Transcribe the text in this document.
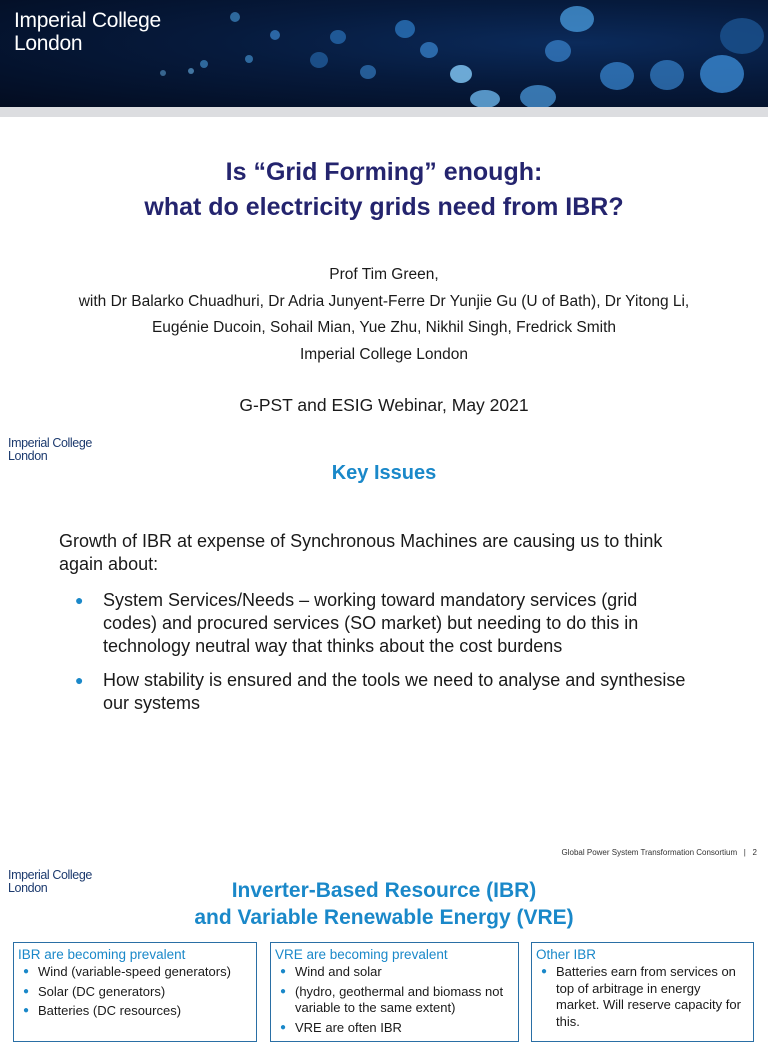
Imperial College
London
Is “Grid Forming” enough:
what do electricity grids need from IBR?
Prof Tim Green,
with Dr Balarko Chuadhuri, Dr Adria Junyent-Ferre Dr Yunjie Gu (U of Bath), Dr Yitong Li,
Eugénie Ducoin, Sohail Mian, Yue Zhu, Nikhil Singh, Fredrick Smith
Imperial College London
G-PST and ESIG Webinar, May 2021
Imperial College
London
Key Issues
Growth of IBR at expense of Synchronous Machines are causing us to think again about:
● System Services/Needs – working toward mandatory services (grid codes) and procured services (SO market) but needing to do this in technology neutral way that thinks about the cost burdens
● How stability is ensured and the tools we need to analyse and synthesise our systems
Global Power System Transformation Consortium   |   2
Imperial College
London	Inverter-Based Resource (IBR)
and Variable Renewable Energy (VRE)
IBR are becoming prevalent
● Wind (variable-speed generators)
● Solar (DC generators)
● Batteries (DC resources)
VRE are becoming prevalent
● Wind and solar
● (hydro, geothermal and biomass not variable to the same extent)
● VRE are often IBR
Other IBR
● Batteries earn from services on top of arbitrage in energy market. Will reserve capacity for this.
